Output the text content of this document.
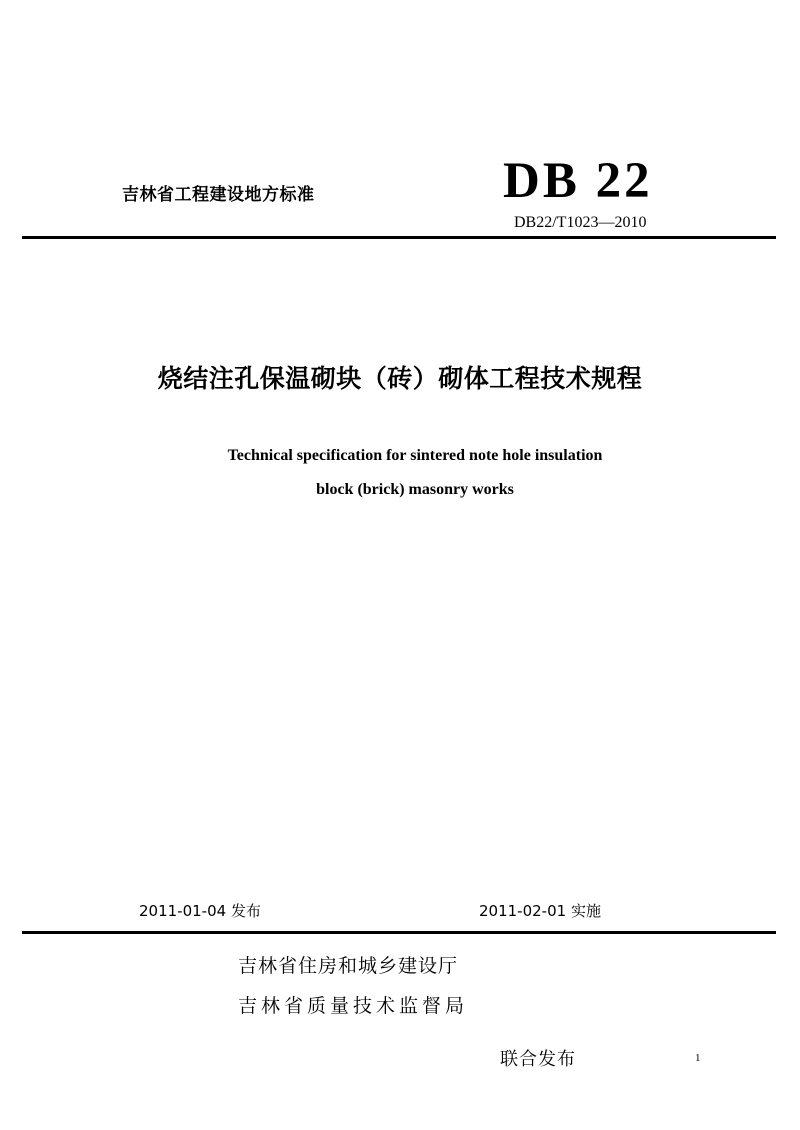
吉林省工程建设地方标准	DB 22
DB22/T1023—2010
烧结注孔保温砌块（砖）砌体工程技术规程
Technical specification for sintered note hole insulation
block (brick) masonry works
2011-01-04 发布	2011-02-01 实施
吉林省住房和城乡建设厅
吉林省质量技术监督局
联合发布	1
